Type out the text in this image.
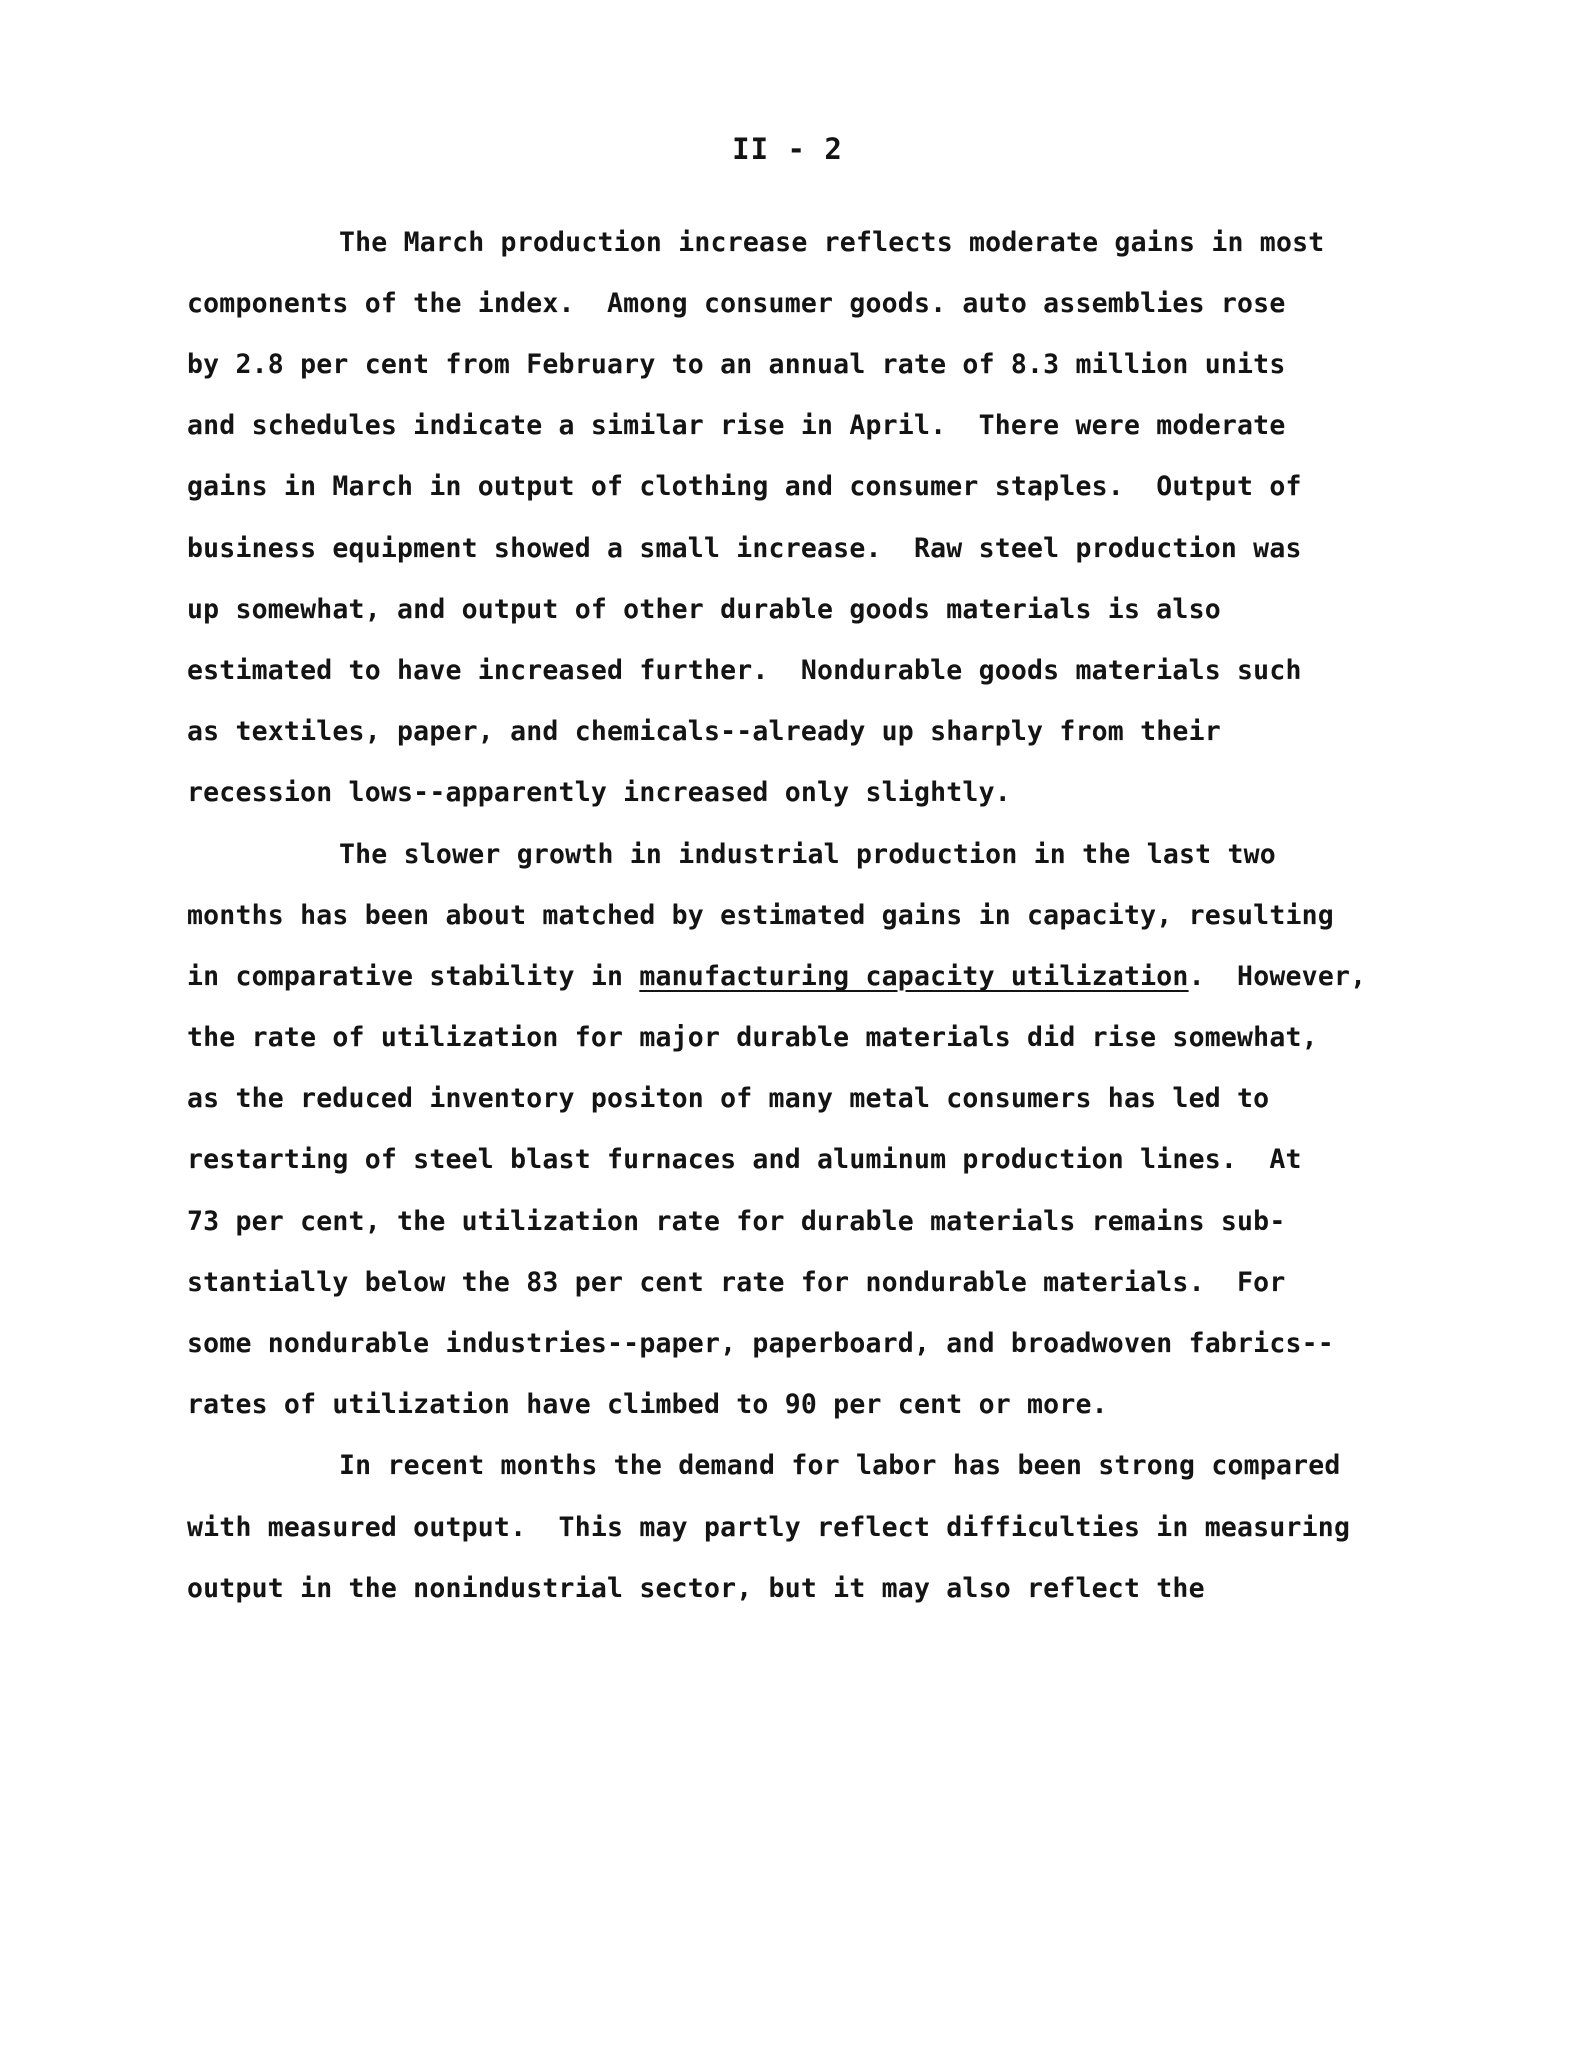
II - 2
The March production increase reflects moderate gains in most
components of the index.  Among consumer goods. auto assemblies rose
by 2.8 per cent from February to an annual rate of 8.3 million units
and schedules indicate a similar rise in April.  There were moderate
gains in March in output of clothing and consumer staples.  Output of
business equipment showed a small increase.  Raw steel production was
up somewhat, and output of other durable goods materials is also
estimated to have increased further.  Nondurable goods materials such
as textiles, paper, and chemicals--already up sharply from their
recession lows--apparently increased only slightly.
The slower growth in industrial production in the last two
months has been about matched by estimated gains in capacity, resulting
in comparative stability in manufacturing capacity utilization.  However,
the rate of utilization for major durable materials did rise somewhat,
as the reduced inventory positon of many metal consumers has led to
restarting of steel blast furnaces and aluminum production lines.  At
73 per cent, the utilization rate for durable materials remains sub-
stantially below the 83 per cent rate for nondurable materials.  For
some nondurable industries--paper, paperboard, and broadwoven fabrics--
rates of utilization have climbed to 90 per cent or more.
In recent months the demand for labor has been strong compared
with measured output.  This may partly reflect difficulties in measuring
output in the nonindustrial sector, but it may also reflect the
